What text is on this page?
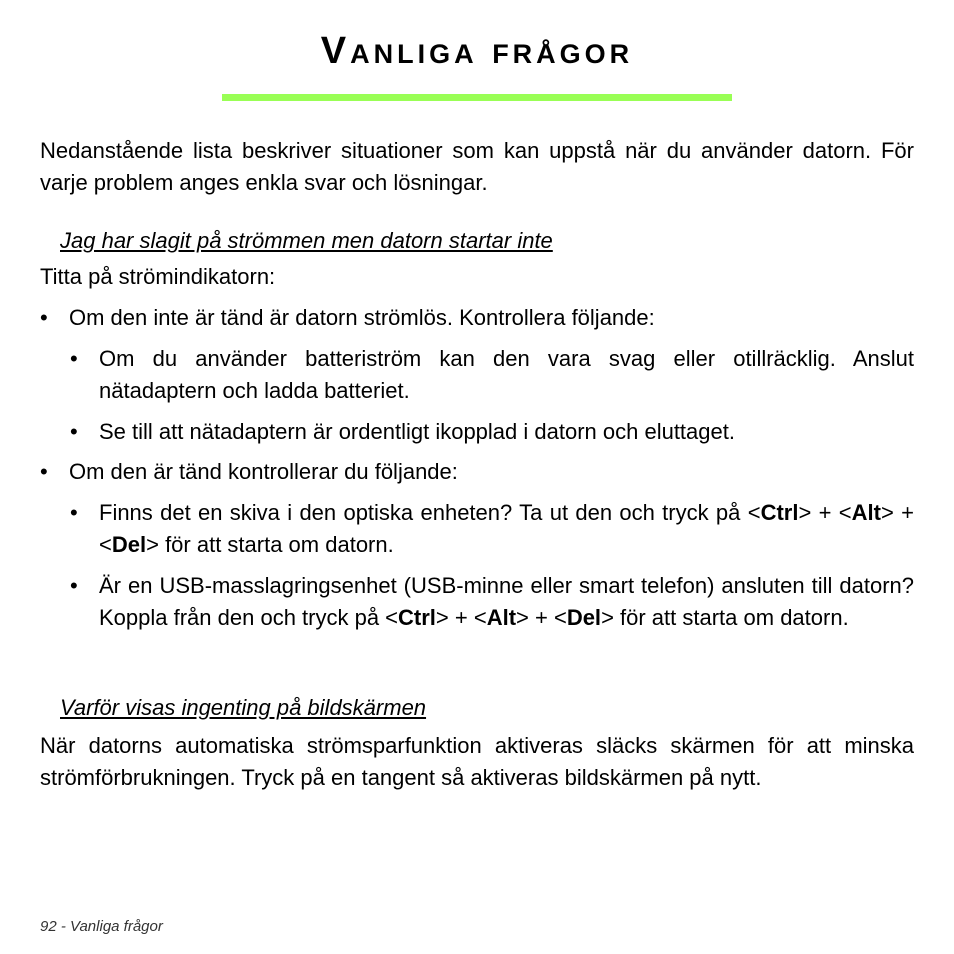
Vanliga frågor

Nedanstående lista beskriver situationer som kan uppstå när du använder datorn. För varje problem anges enkla svar och lösningar.

Jag har slagit på strömmen men datorn startar inte

Titta på strömindikatorn:

• Om den inte är tänd är datorn strömlös. Kontrollera följande:

• Om du använder batteriström kan den vara svag eller otillräcklig. Anslut nätadaptern och ladda batteriet.

• Se till att nätadaptern är ordentligt ikopplad i datorn och eluttaget.

• Om den är tänd kontrollerar du följande:

• Finns det en skiva i den optiska enheten? Ta ut den och tryck på <Ctrl> + <Alt> + <Del> för att starta om datorn.

• Är en USB-masslagringsenhet (USB-minne eller smart telefon) ansluten till datorn? Koppla från den och tryck på <Ctrl> + <Alt> + <Del> för att starta om datorn.

Varför visas ingenting på bildskärmen

När datorns automatiska strömsparfunktion aktiveras släcks skärmen för att minska strömförbrukningen. Tryck på en tangent så aktiveras bildskärmen på nytt.

92 - Vanliga frågor
